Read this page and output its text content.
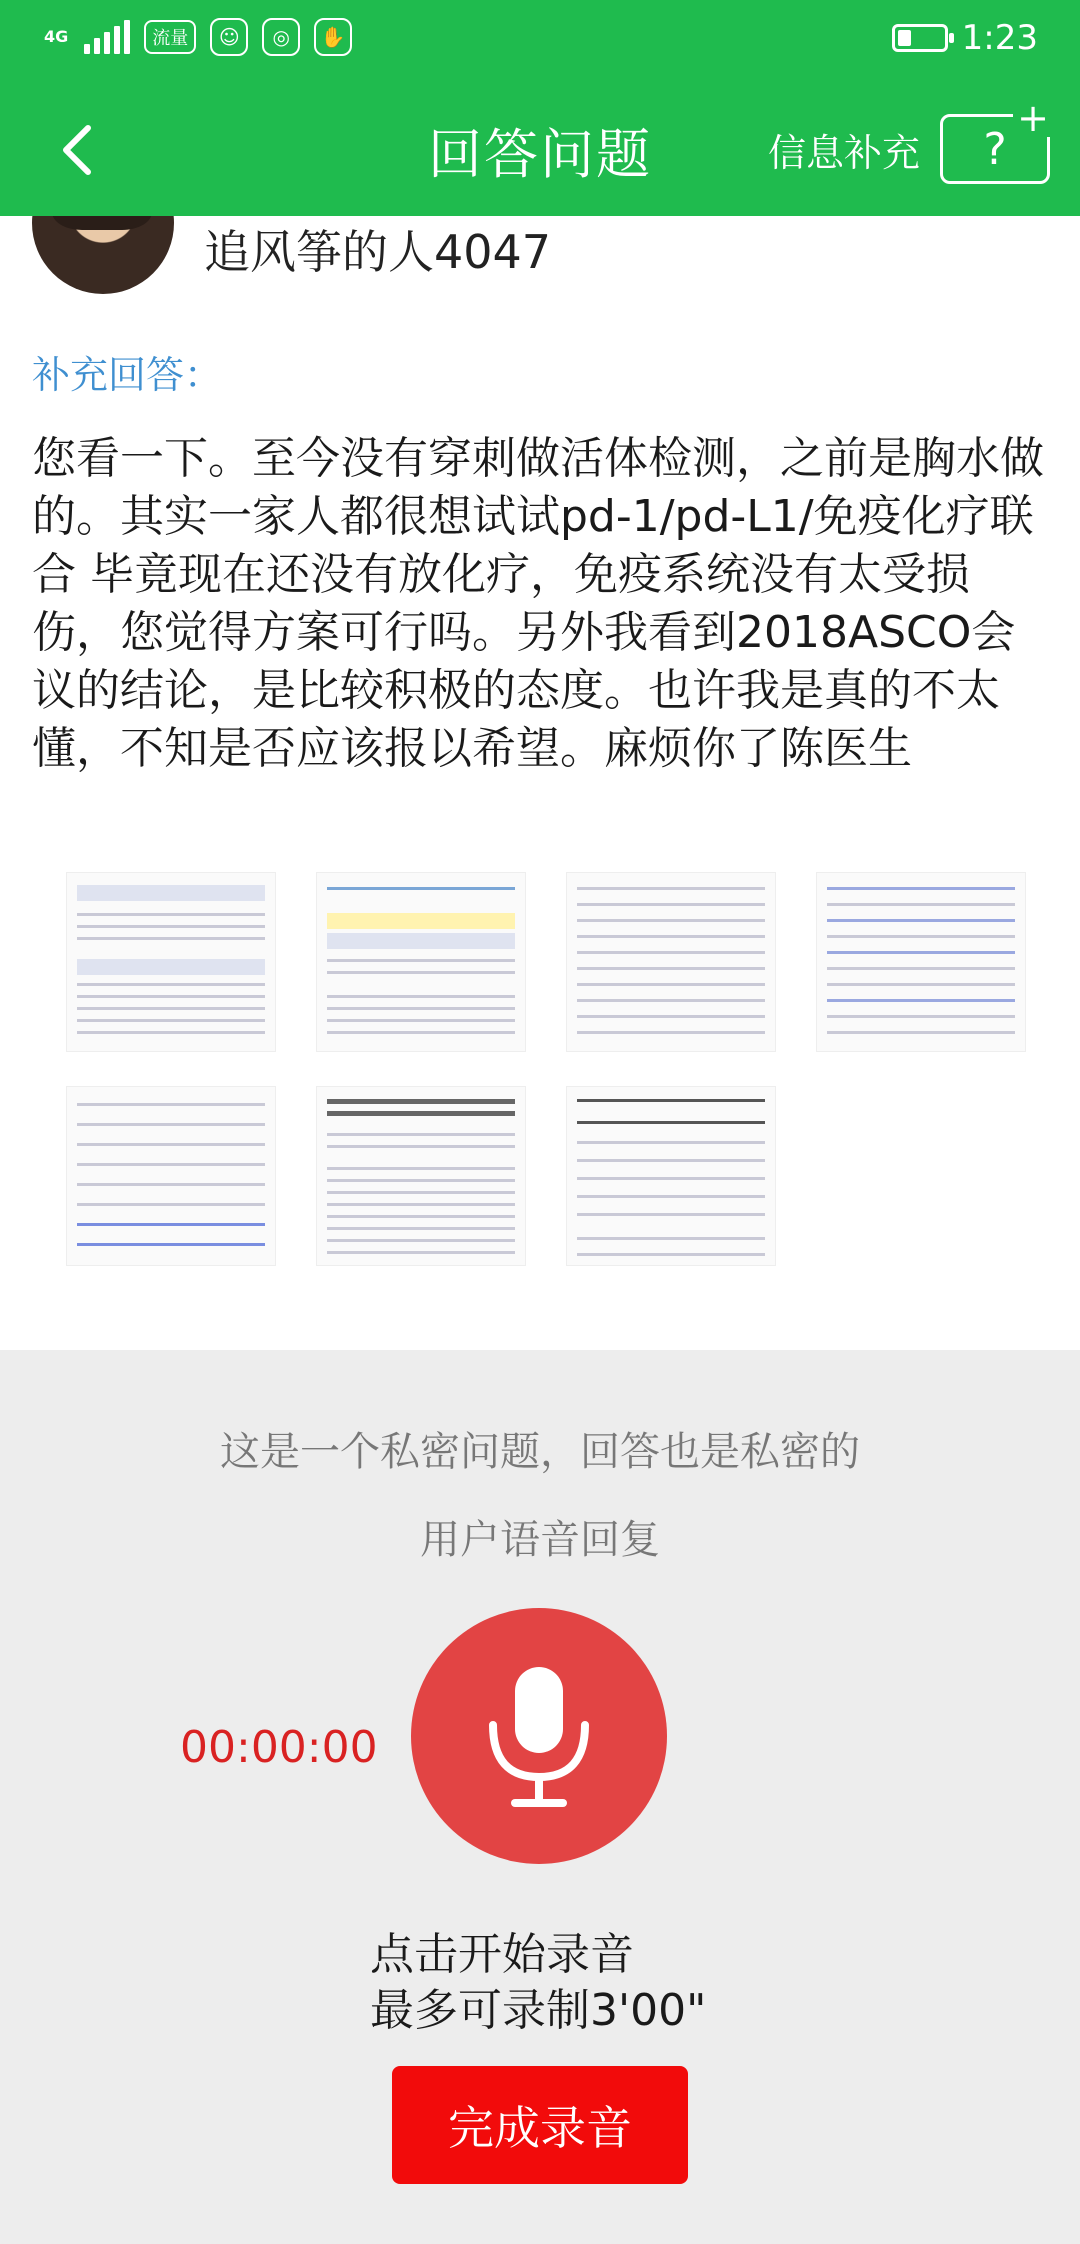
4G	流量	☺	◎	✋	1:23
回答问题	信息补充 ?
+
追风筝的人4047
补充回答：
您看一下。至今没有穿刺做活体检测，之前是胸水做的。其实一家人都很想试试pd-1/pd-L1/免疫化疗联合 毕竟现在还没有放化疗，免疫系统没有太受损伤，您觉得方案可行吗。另外我看到2018ASCO会议的结论，是比较积极的态度。也许我是真的不太懂，不知是否应该报以希望。麻烦你了陈医生
这是一个私密问题，回答也是私密的
用户语音回复
00:00:00
点击开始录音
最多可录制3'00"
完成录音
